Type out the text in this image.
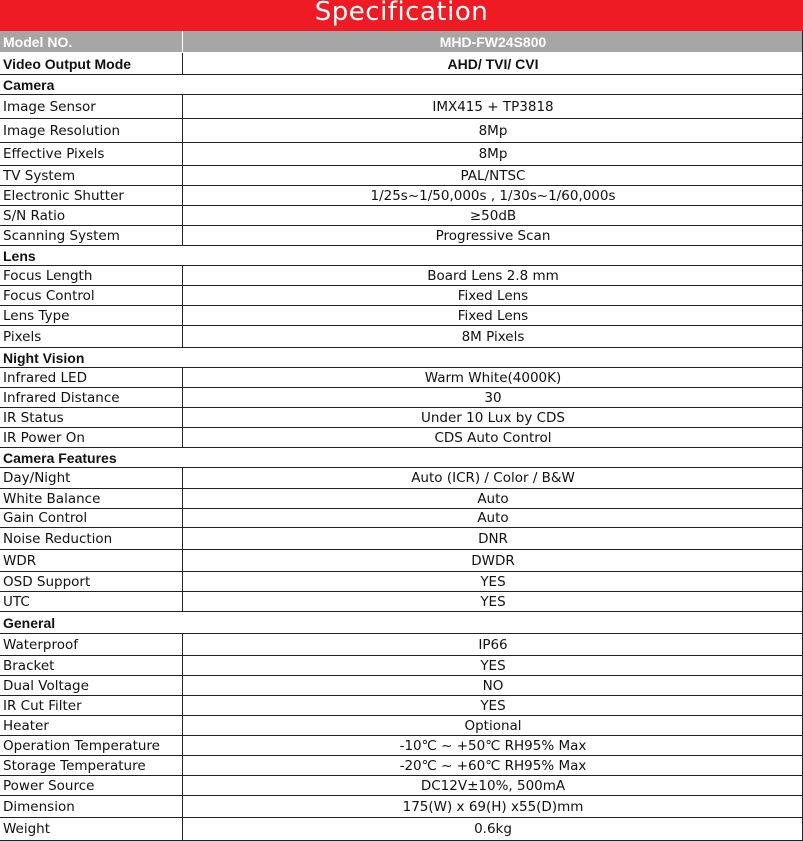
Specification
Model NO.	MHD-FW24S800
Video Output Mode	AHD/ TVI/ CVI
Camera
Image Sensor	IMX415 + TP3818
Image Resolution	8Mp
Effective Pixels	8Mp
TV System	PAL/NTSC
Electronic Shutter	1/25s~1/50,000s , 1/30s~1/60,000s
S/N Ratio	≥50dB
Scanning System	Progressive Scan
Lens
Focus Length	Board Lens 2.8 mm
Focus Control	Fixed Lens
Lens Type	Fixed Lens
Pixels	8M Pixels
Night Vision
Infrared LED	Warm White(4000K)
Infrared Distance	30
IR Status	Under 10 Lux by CDS
IR Power On	CDS Auto Control
Camera Features
Day/Night	Auto (ICR) / Color / B&W
White Balance	Auto
Gain Control	Auto
Noise Reduction	DNR
WDR	DWDR
OSD Support	YES
UTC	YES
General
Waterproof	IP66
Bracket	YES
Dual Voltage	NO
IR Cut Filter	YES
Heater	Optional
Operation Temperature	-10℃ ~ +50℃ RH95% Max
Storage Temperature	-20℃ ~ +60℃ RH95% Max
Power Source	DC12V±10%, 500mA
Dimension	175(W) x 69(H) x55(D)mm
Weight	0.6kg
